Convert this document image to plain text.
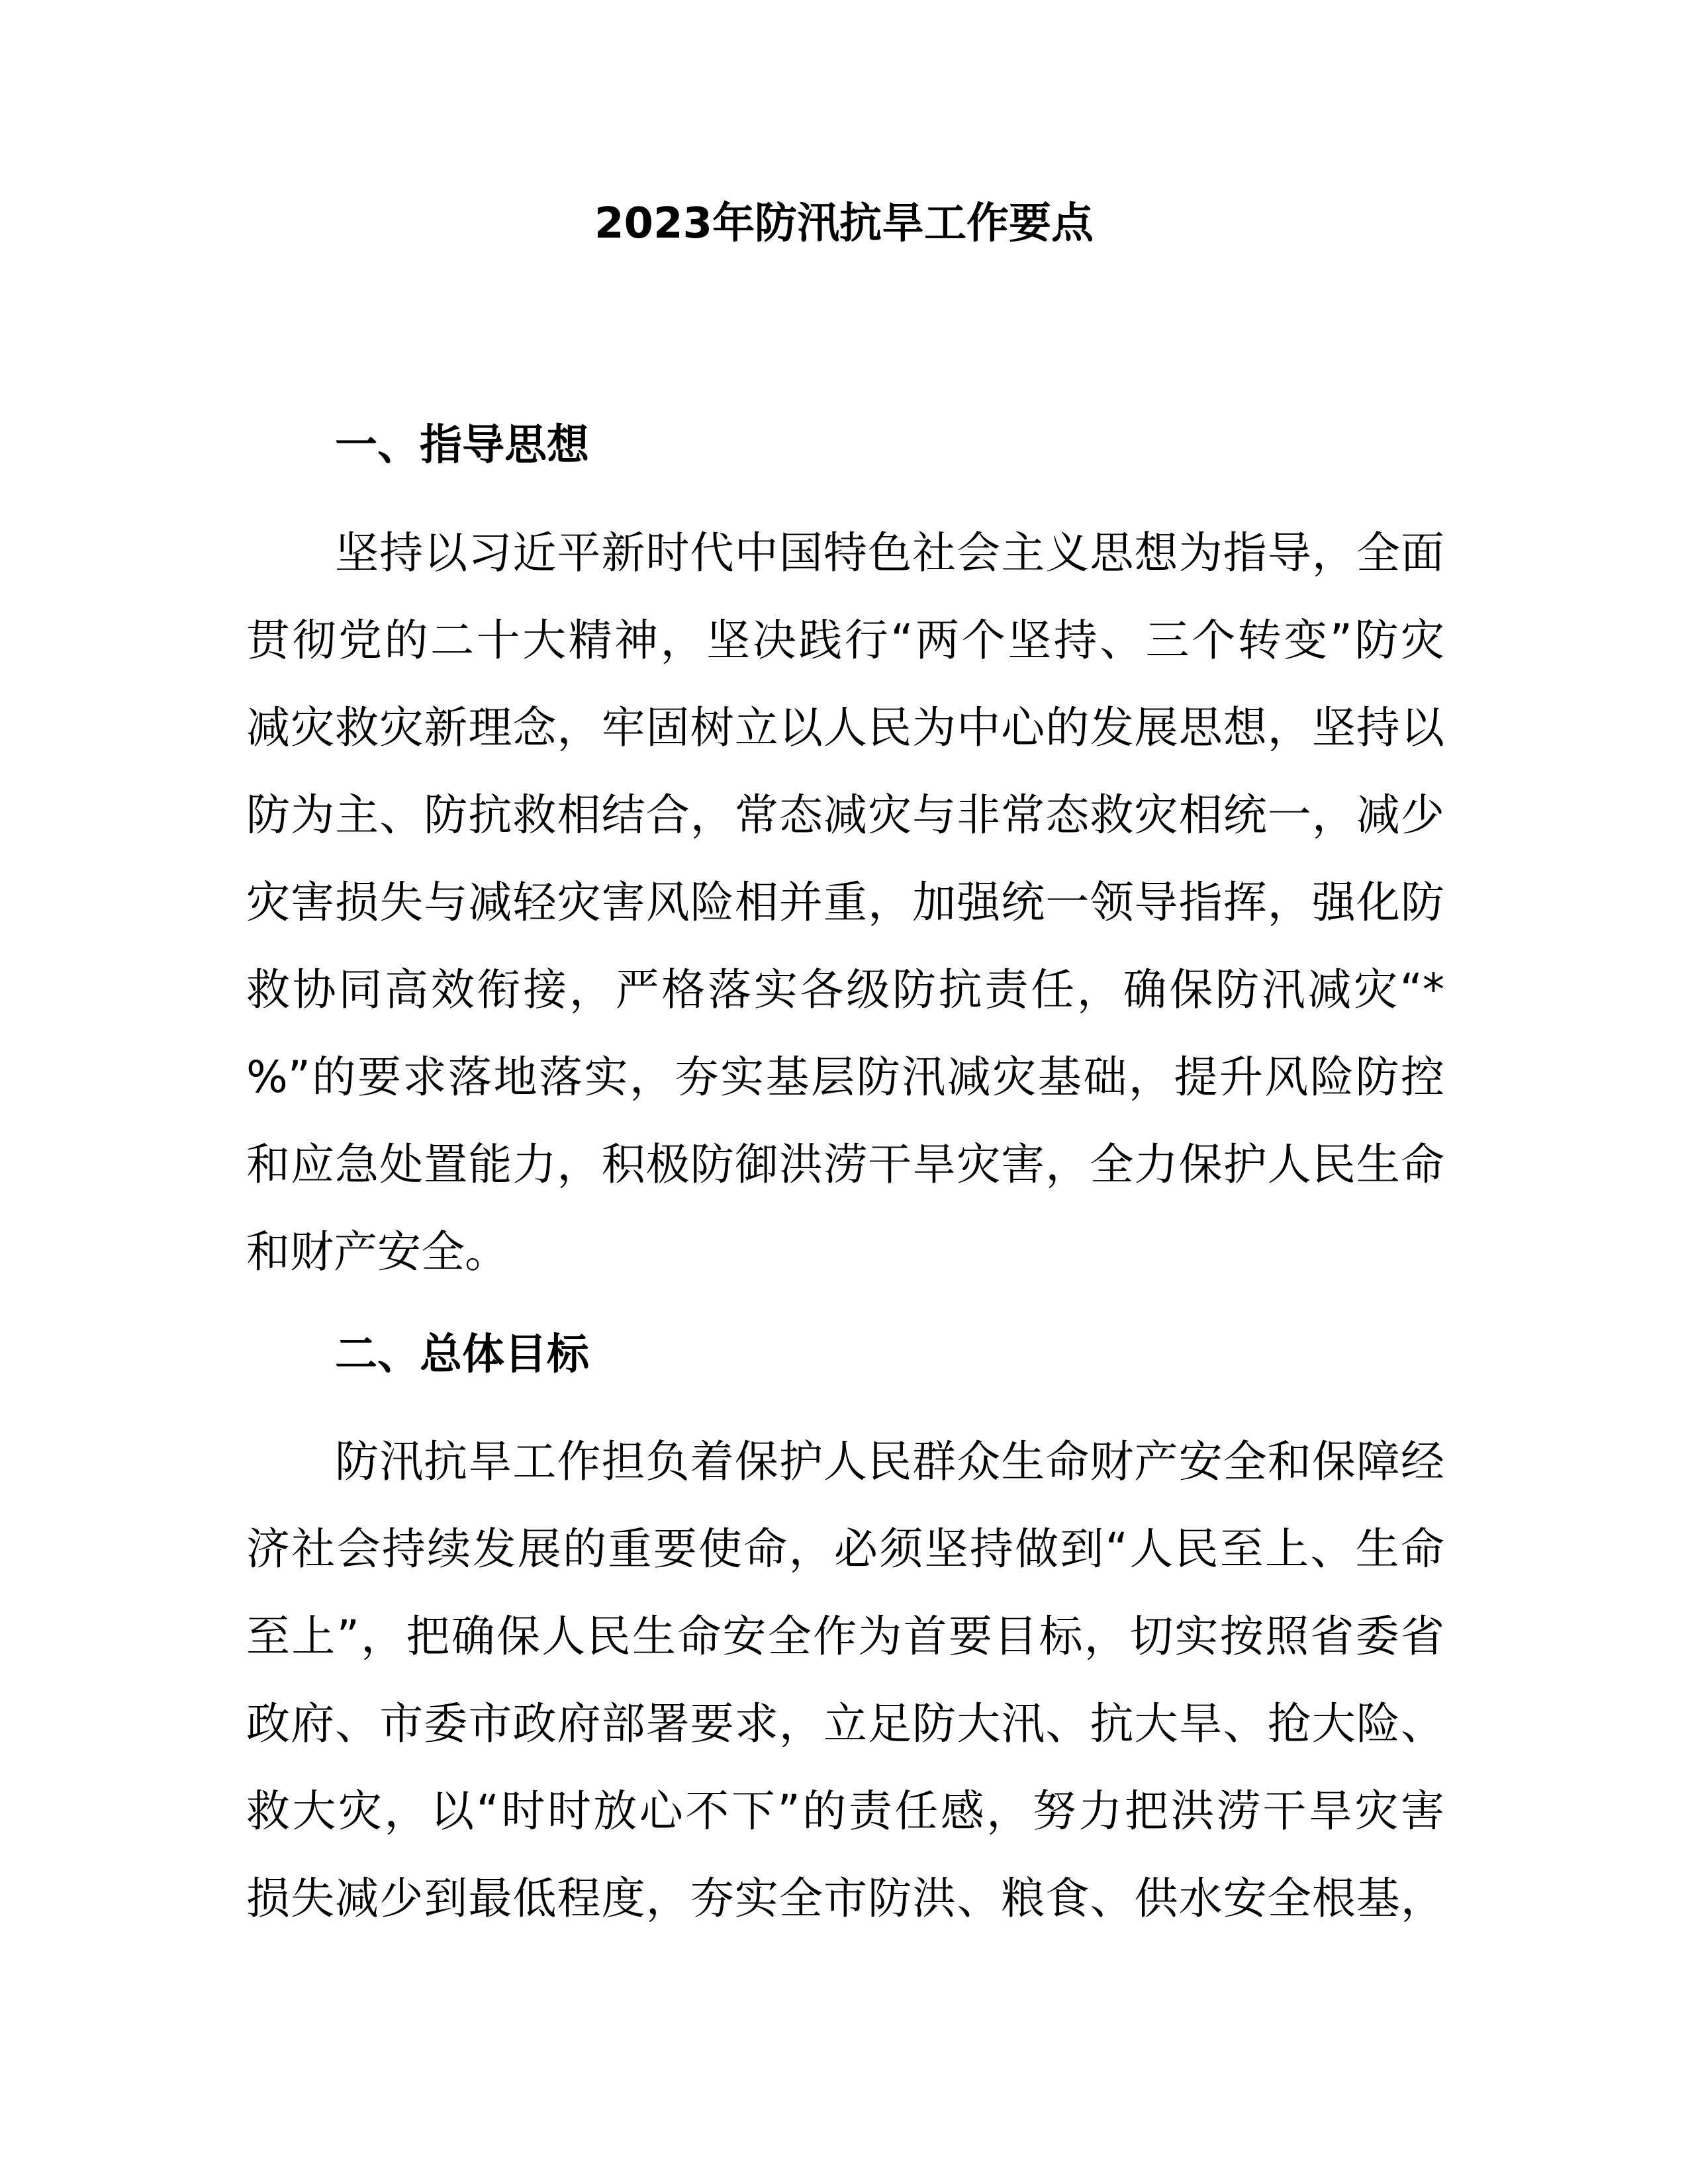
2023年防汛抗旱工作要点
一、指导思想

坚持以习近平新时代中国特色社会主义思想为指导，全面

贯彻党的二十大精神，坚决践行“两个坚持、三个转变”防灾

减灾救灾新理念，牢固树立以人民为中心的发展思想，坚持以

防为主、防抗救相结合，常态减灾与非常态救灾相统一，减少

灾害损失与减轻灾害风险相并重，加强统一领导指挥，强化防

救协同高效衔接，严格落实各级防抗责任，确保防汛减灾“*

%”的要求落地落实，夯实基层防汛减灾基础，提升风险防控

和应急处置能力，积极防御洪涝干旱灾害，全力保护人民生命

和财产安全。

二、总体目标

防汛抗旱工作担负着保护人民群众生命财产安全和保障经

济社会持续发展的重要使命，必须坚持做到“人民至上、生命

至上”，把确保人民生命安全作为首要目标，切实按照省委省

政府、市委市政府部署要求，立足防大汛、抗大旱、抢大险、

救大灾，以“时时放心不下”的责任感，努力把洪涝干旱灾害

损失减少到最低程度，夯实全市防洪、粮食、供水安全根基，
